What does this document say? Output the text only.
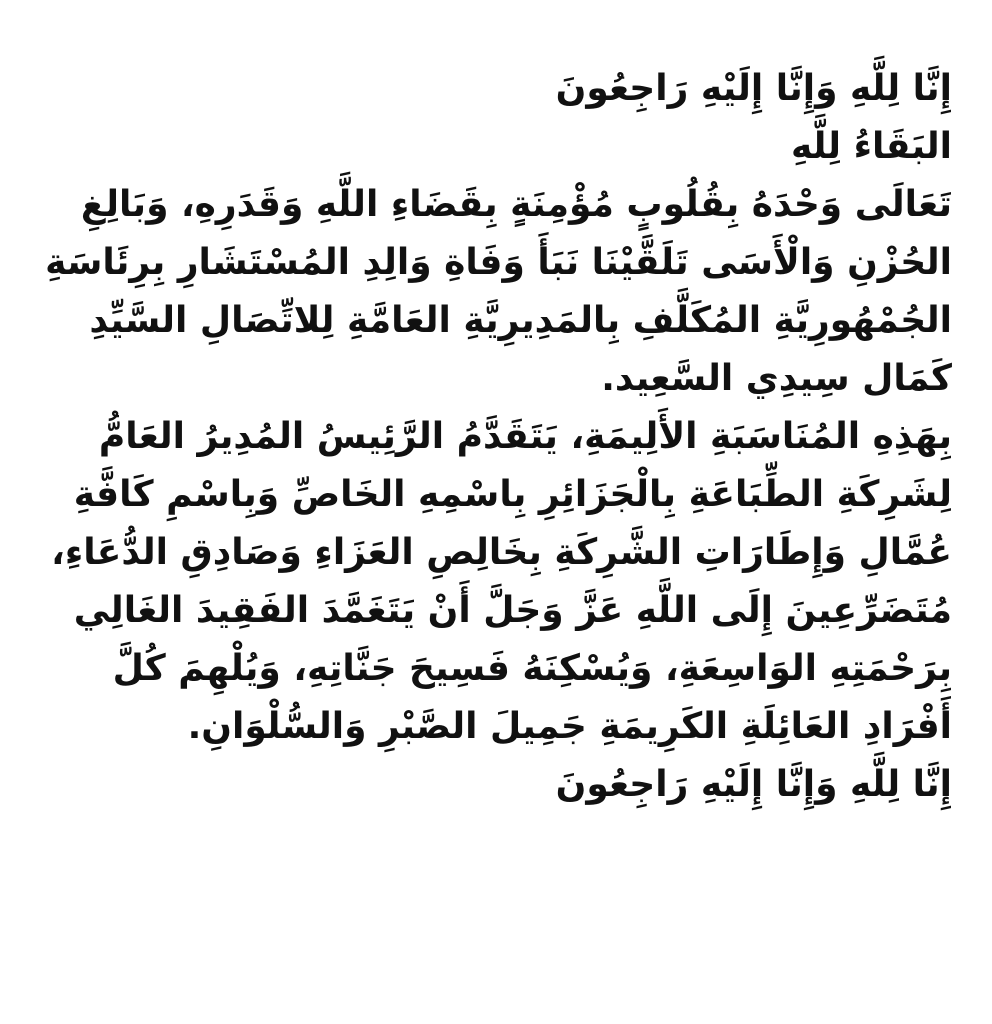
إِنَّا لِلَّهِ وَإِنَّا إِلَيْهِ رَاجِعُونَ
البَقَاءُ لِلَّهِ
تَعَالَى وَحْدَهُ بِقُلُوبٍ مُؤْمِنَةٍ بِقَضَاءِ اللَّهِ وَقَدَرِهِ، وَبَالِغِ
الحُزْنِ وَالْأَسَى تَلَقَّيْنَا نَبَأَ وَفَاةِ وَالِدِ المُسْتَشَارِ بِرِئَاسَةِ
الجُمْهُورِيَّةِ المُكَلَّفِ بِالمَدِيرِيَّةِ العَامَّةِ لِلاتِّصَالِ السَّيِّدِ
كَمَال سِيدِي السَّعِيد.
بِهَذِهِ المُنَاسَبَةِ الأَلِيمَةِ، يَتَقَدَّمُ الرَّئِيسُ المُدِيرُ العَامُّ
لِشَرِكَةِ الطِّبَاعَةِ بِالْجَزَائِرِ بِاسْمِهِ الخَاصِّ وَبِاسْمِ كَافَّةِ
عُمَّالِ وَإِطَارَاتِ الشَّرِكَةِ بِخَالِصِ العَزَاءِ وَصَادِقِ الدُّعَاءِ،
مُتَضَرِّعِينَ إِلَى اللَّهِ عَزَّ وَجَلَّ أَنْ يَتَغَمَّدَ الفَقِيدَ الغَالِي
بِرَحْمَتِهِ الوَاسِعَةِ، وَيُسْكِنَهُ فَسِيحَ جَنَّاتِهِ، وَيُلْهِمَ كُلَّ
أَفْرَادِ العَائِلَةِ الكَرِيمَةِ جَمِيلَ الصَّبْرِ وَالسُّلْوَانِ.
إِنَّا لِلَّهِ وَإِنَّا إِلَيْهِ رَاجِعُونَ
